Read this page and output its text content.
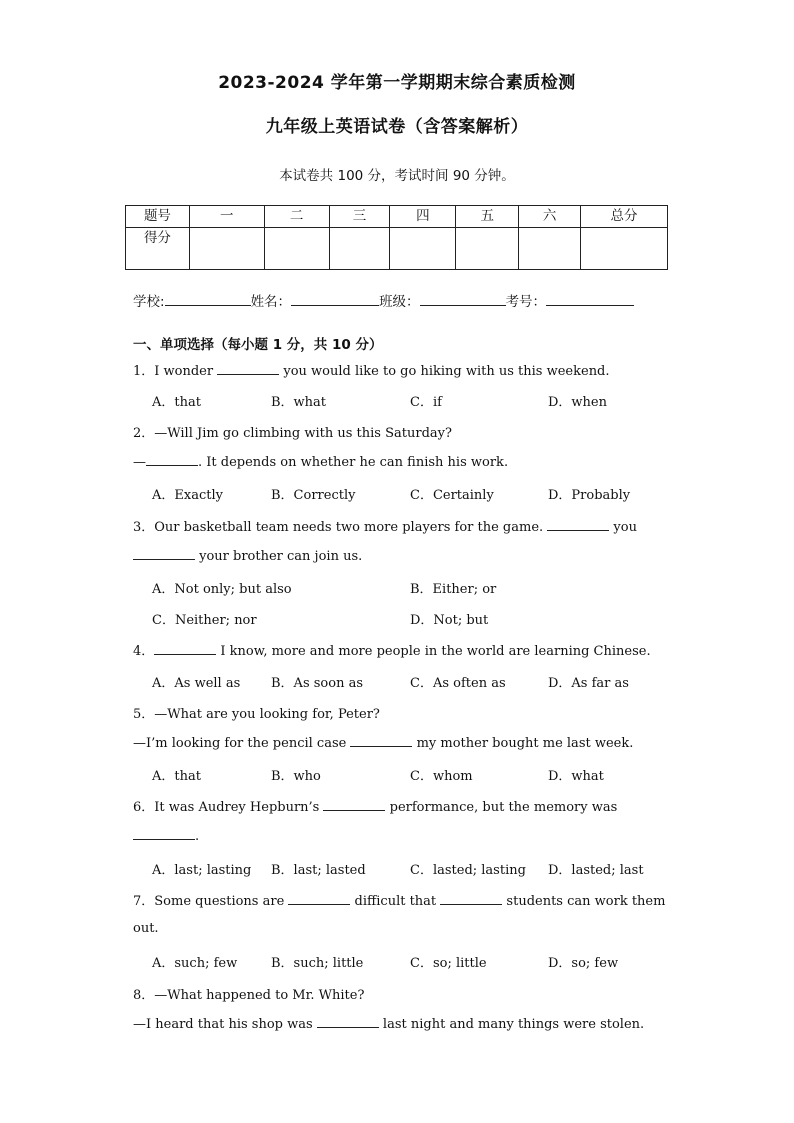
2023-2024 学年第一学期期末综合素质检测
九年级上英语试卷（含答案解析）
本试卷共 100 分，考试时间 90 分钟。
题号	一	二	三	四	五	六	总分
得分							
学校:	姓名：	班级：	考号：
一、单项选择（每小题 1 分，共 10 分）
1．I wonder	you would like to go hiking with us this weekend.
A．that	B．what	C．if	D．when
2．—Will Jim go climbing with us this Saturday?
—	. It depends on whether he can finish his work.
A．Exactly	B．Correctly	C．Certainly	D．Probably
3．Our basketball team needs two more players for the game.	you
your brother can join us.
A．Not only; but also	B．Either; or
C．Neither; nor	D．Not; but
4．	I know, more and more people in the world are learning Chinese.
A．As well as B．As soon as	C．As often as	D．As far as
5．—What are you looking for, Peter?
—I’m looking for the pencil case	my mother bought me last week.
A．that	B．who	C．whom	D．what
6．It was Audrey Hepburn’s	performance, but the memory was
.
A．last; lasting B．last; lasted	C．lasted; lasting D．lasted; last
7．Some questions are	difficult that	students can work them
out.
A．such; few	B．such; little	C．so; little	D．so; few
8．—What happened to Mr. White?
—I heard that his shop was	last night and many things were stolen.
